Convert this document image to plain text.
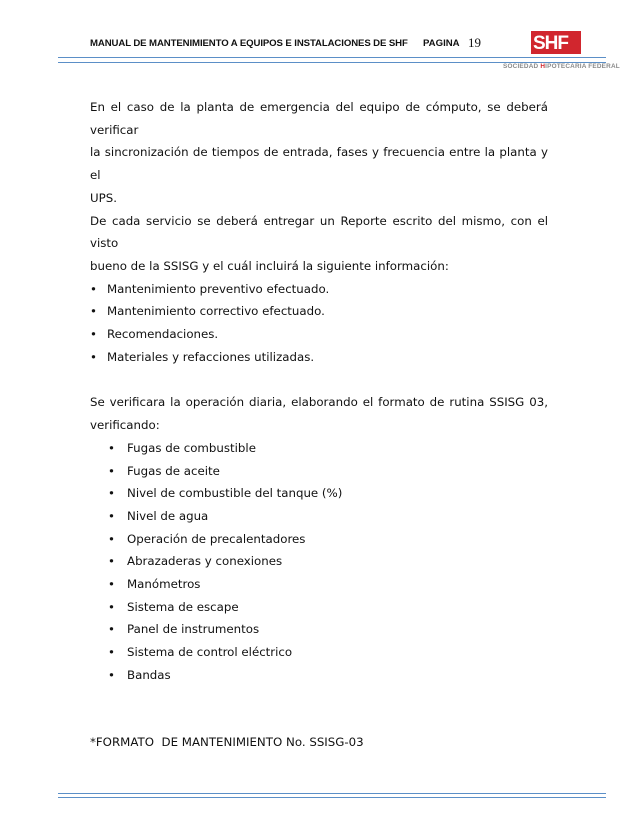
MANUAL DE MANTENIMIENTO A EQUIPOS E INSTALACIONES DE SHF PAGINA 19	SHF
SOCIEDAD HIPOTECARIA FEDERAL

En el caso de la planta de emergencia del equipo de cómputo, se deberá verificar

la sincronización de tiempos de entrada, fases y frecuencia entre la planta y el

UPS.

De cada servicio se deberá entregar un Reporte escrito del mismo, con el visto

bueno de la SSISG y el cuál incluirá la siguiente información:

• Mantenimiento preventivo efectuado.
• Mantenimiento correctivo efectuado.
• Recomendaciones.
• Materiales y refacciones utilizadas.

Se verificara la operación diaria, elaborando el formato de rutina SSISG 03,

verificando:

• Fugas de combustible
• Fugas de aceite
• Nivel de combustible del tanque (%)
• Nivel de agua
• Operación de precalentadores
• Abrazaderas y conexiones
• Manómetros
• Sistema de escape
• Panel de instrumentos
• Sistema de control eléctrico
• Bandas

*FORMATO  DE MANTENIMIENTO No. SSISG-03
